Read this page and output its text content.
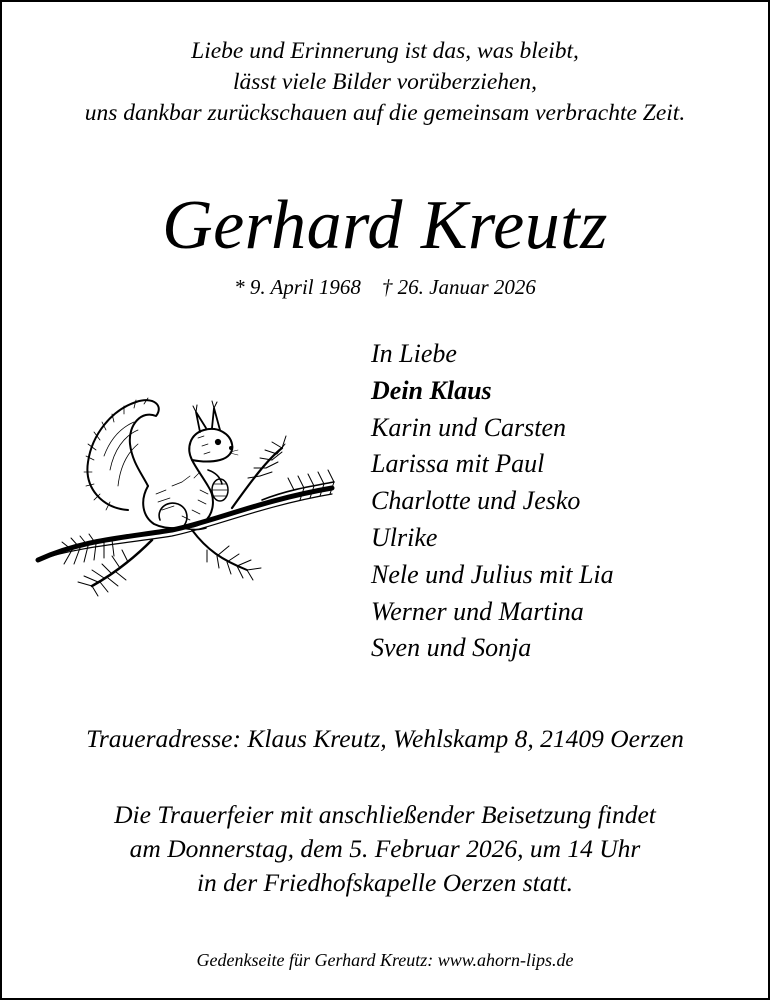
Liebe und Erinnerung ist das, was bleibt,
lässt viele Bilder vorüberziehen,
uns dankbar zurückschauen auf die gemeinsam verbrachte Zeit.
Gerhard Kreutz
* 9. April 1968    † 26. Januar 2026
In Liebe
Dein Klaus
Karin und Carsten
Larissa mit Paul
Charlotte und Jesko
Ulrike
Nele und Julius mit Lia
Werner und Martina
Sven und Sonja
Traueradresse: Klaus Kreutz, Wehlskamp 8, 21409 Oerzen
Die Trauerfeier mit anschließender Beisetzung findet
am Donnerstag, dem 5. Februar 2026, um 14 Uhr
in der Friedhofskapelle Oerzen statt.
Gedenkseite für Gerhard Kreutz: www.ahorn-lips.de
